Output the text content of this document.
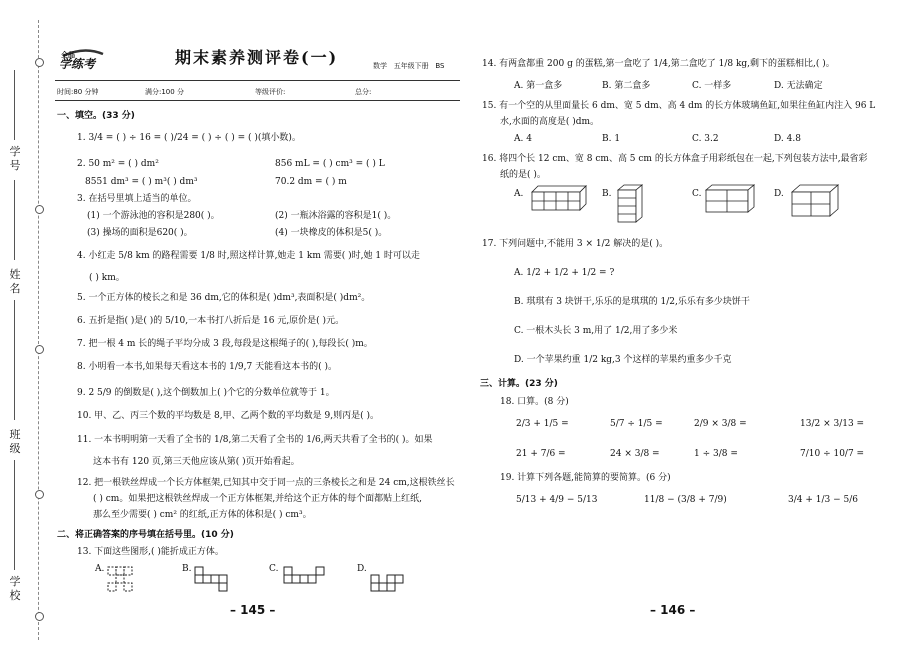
学 号
姓 名
班 级
学 校
全品
学练考	期末素养测评卷(一)	数学 五年级下册 BS
时间:80 分钟	满分:100 分	等级评价:	总分:
一、填空。(33 分)
1. 3/4 = ( ) ÷ 16 = ( )/24 = ( ) ÷ ( ) = ( )(填小数)。
2. 50 m² = ( ) dm²	856 mL = ( ) cm³ = ( ) L
8551 dm³ = ( ) m³( ) dm³	70.2 dm = ( ) m
3. 在括号里填上适当的单位。
(1) 一个游泳池的容积是280( )。	(2) 一瓶沐浴露的容积是1( )。
(3) 操场的面积是620( )。	(4) 一块橡皮的体积是5( )。
4. 小红走 5/8 km 的路程需要 1/8 时,照这样计算,她走 1 km 需要( )时,她 1 时可以走
( ) km。
5. 一个正方体的棱长之和是 36 dm,它的体积是( )dm³,表面积是( )dm²。
6. 五折是指( )是( )的 5/10,一本书打八折后是 16 元,原价是( )元。
7. 把一根 4 m 长的绳子平均分成 3 段,每段是这根绳子的( ),每段长( )m。
8. 小明看一本书,如果每天看这本书的 1/9,7 天能看这本书的( )。
9. 2 5/9 的倒数是( ),这个倒数加上( )个它的分数单位就等于 1。
10. 甲、乙、丙三个数的平均数是 8,甲、乙两个数的平均数是 9,则丙是( )。
11. 一本书明明第一天看了全书的 1/8,第二天看了全书的 1/6,两天共看了全书的( )。如果
这本书有 120 页,第三天他应该从第( )页开始看起。
12. 把一根铁丝焊成一个长方体框架,已知其中交于同一点的三条棱长之和是 24 cm,这根铁丝长
( ) cm。如果把这根铁丝焊成一个正方体框架,并给这个正方体的每个面都贴上红纸,
那么至少需要( ) cm² 的红纸,正方体的体积是( ) cm³。
二、将正确答案的序号填在括号里。(10 分)
13. 下面这些图形,( )能折成正方体。
A.	B.	C.	D.
– 145 –
14. 有两盒都重 200 g 的蛋糕,第一盒吃了 1/4,第二盒吃了 1/8 kg,剩下的蛋糕相比,( )。
A. 第一盒多	B. 第二盒多	C. 一样多	D. 无法确定
15. 有一个空的从里面量长 6 dm、宽 5 dm、高 4 dm 的长方体玻璃鱼缸,如果往鱼缸内注入 96 L
水,水面的高度是( )dm。
A. 4	B. 1	C. 3.2	D. 4.8
16. 将四个长 12 cm、宽 8 cm、高 5 cm 的长方体盒子用彩纸包在一起,下列包装方法中,最省彩
纸的是( )。
A.	B.	C.	D.
17. 下列问题中,不能用 3 × 1/2 解决的是( )。
A. 1/2 + 1/2 + 1/2 = ?
B. 琪琪有 3 块饼干,乐乐的是琪琪的 1/2,乐乐有多少块饼干
C. 一根木头长 3 m,用了 1/2,用了多少米
D. 一个苹果约重 1/2 kg,3 个这样的苹果约重多少千克
三、计算。(23 分)
18. 口算。(8 分)
2/3 + 1/5 =	5/7 ÷ 1/5 =	2/9 × 3/8 =	13/2 × 3/13 =
21 + 7/6 =	24 × 3/8 =	1 ÷ 3/8 =	7/10 ÷ 10/7 =
19. 计算下列各题,能简算的要简算。(6 分)
5/13 + 4/9 − 5/13	11/8 − (3/8 + 7/9)	3/4 + 1/3 − 5/6
– 146 –
